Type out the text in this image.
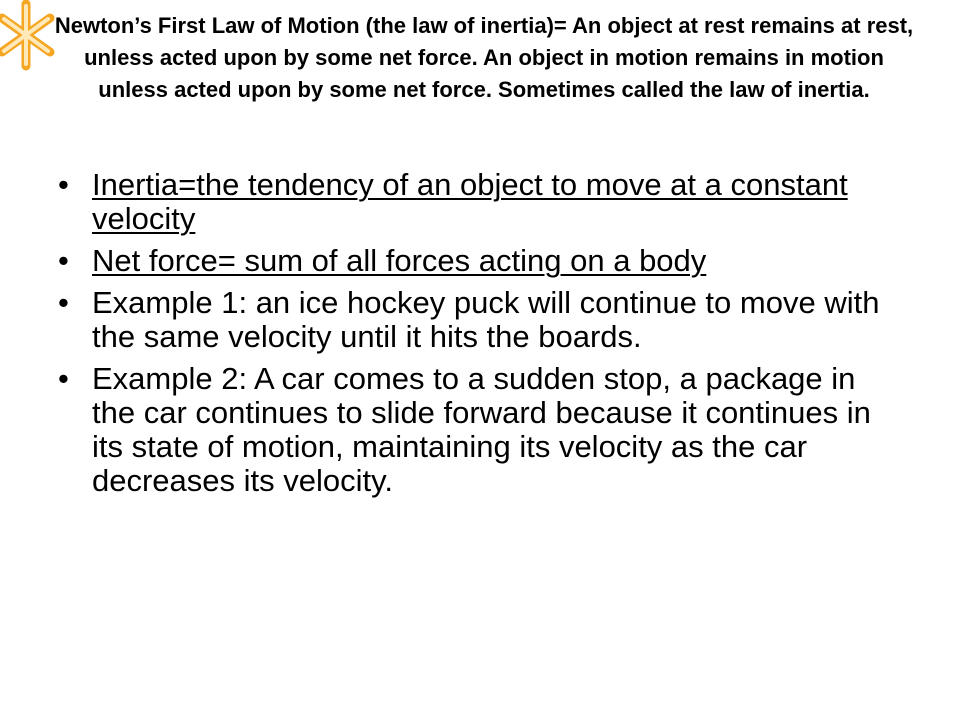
Newton’s First Law of Motion (the law of inertia)= An object at rest remains at rest, unless acted upon by some net force. An object in motion remains in motion unless acted upon by some net force. Sometimes called the law of inertia.
• Inertia=the tendency of an object to move at a constant velocity
• Net force= sum of all forces acting on a body
• Example 1: an ice hockey puck will continue to move with the same velocity until it hits the boards.
• Example 2: A car comes to a sudden stop, a package in the car continues to slide forward because it continues in its state of motion, maintaining its velocity as the car decreases its velocity.
